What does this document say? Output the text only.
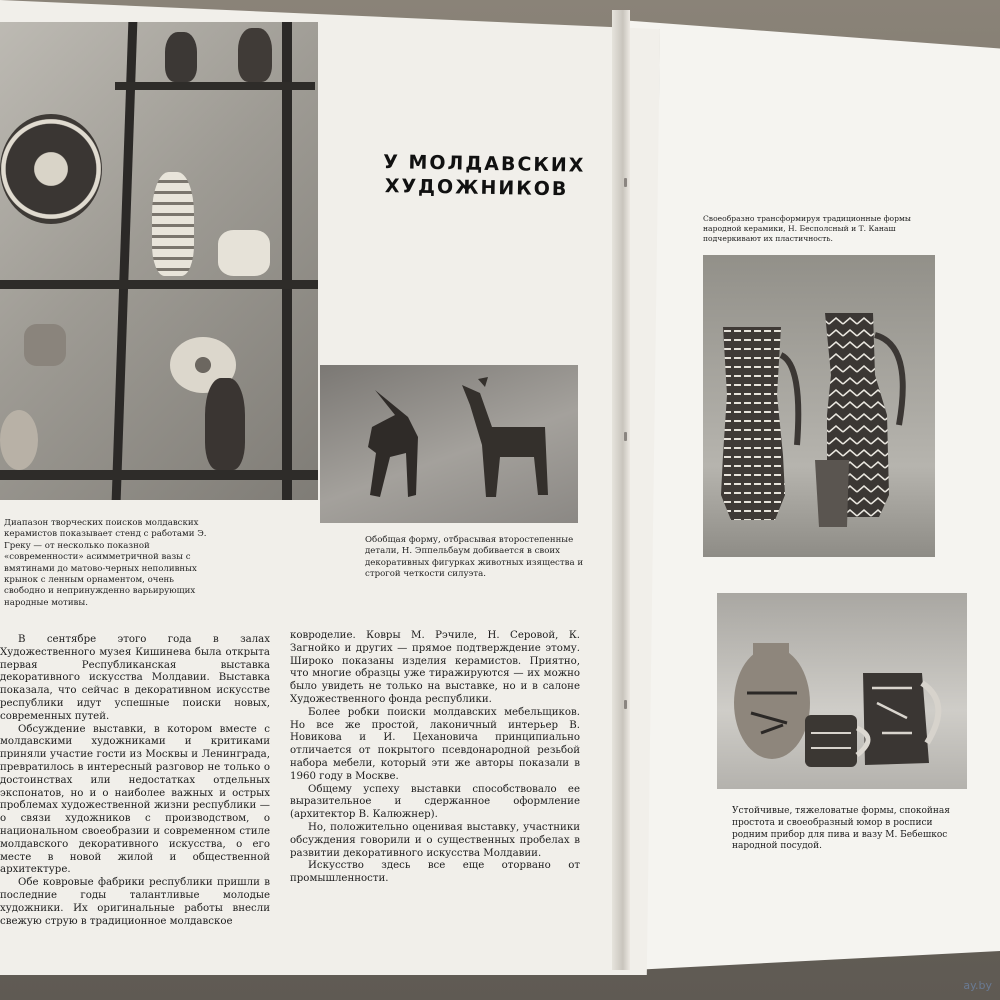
Диапазон творческих поисков молдавских керамистов показывает стенд с работами Э. Греку — от несколько показной «современности» асимметричной вазы с вмятинами до матово-черных неполивных крынок с ленным орнаментом, очень свободно и непринужденно варьирующих народные мотивы.
У МОЛДАВСКИХ
ХУДОЖНИКОВ
Обобщая форму, отбрасывая второстепенные детали, Н. Эппельбаум добивается в своих декоративных фигурках животных изящества и строгой четкости силуэта.
Своеобразно трансформируя традиционные формы народной керамики, Н. Бесполсный и Т. Канаш подчеркивают их пластичность.
Устойчивые, тяжеловатые формы, спокойная простота и своеобразный юмор в росписи родним прибор для пива и вазу М. Бебешкос народной посудой.

В сентябре этого года в залах Художественного музея Кишинева была открыта первая Республиканская выставка декоративного искусства Молдавии. Выставка показала, что сейчас в декоративном искусстве республики идут успешные поиски новых, современных путей.

Обсуждение выставки, в котором вместе с молдавскими художниками и критиками приняли участие гости из Москвы и Ленинграда, превратилось в интересный разговор не только о достоинствах или недостатках отдельных экспонатов, но и о наиболее важных и острых проблемах художественной жизни республики — о связи художников с производством, о национальном своеобразии и современном стиле молдавского декоративного искусства, о его месте в новой жилой и общественной архитектуре.

Обе ковровые фабрики республики пришли в последние годы талантливые молодые художники. Их оригинальные работы внесли свежую струю в традиционное молдавское

ковроделие. Ковры М. Рэчиле, Н. Серовой, К. Загнойко и других — прямое подтверждение этому. Широко показаны изделия керамистов. Приятно, что многие образцы уже тиражируются — их можно было увидеть не только на выставке, но и в салоне Художественного фонда республики.

Более робки поиски молдавских мебельщиков. Но все же простой, лаконичный интерьер В. Новикова и И. Цехановича принципиально отличается от покрытого псевдонародной резьбой набора мебели, который эти же авторы показали в 1960 году в Москве.

Общему успеху выставки способствовало ее выразительное и сдержанное оформление (архитектор В. Калюжнер).

Но, положительно оценивая выставку, участники обсуждения говорили и о существенных пробелах в развитии декоративного искусства Молдавии.

Искусство здесь все еще оторвано от промышленности.

ay.by
